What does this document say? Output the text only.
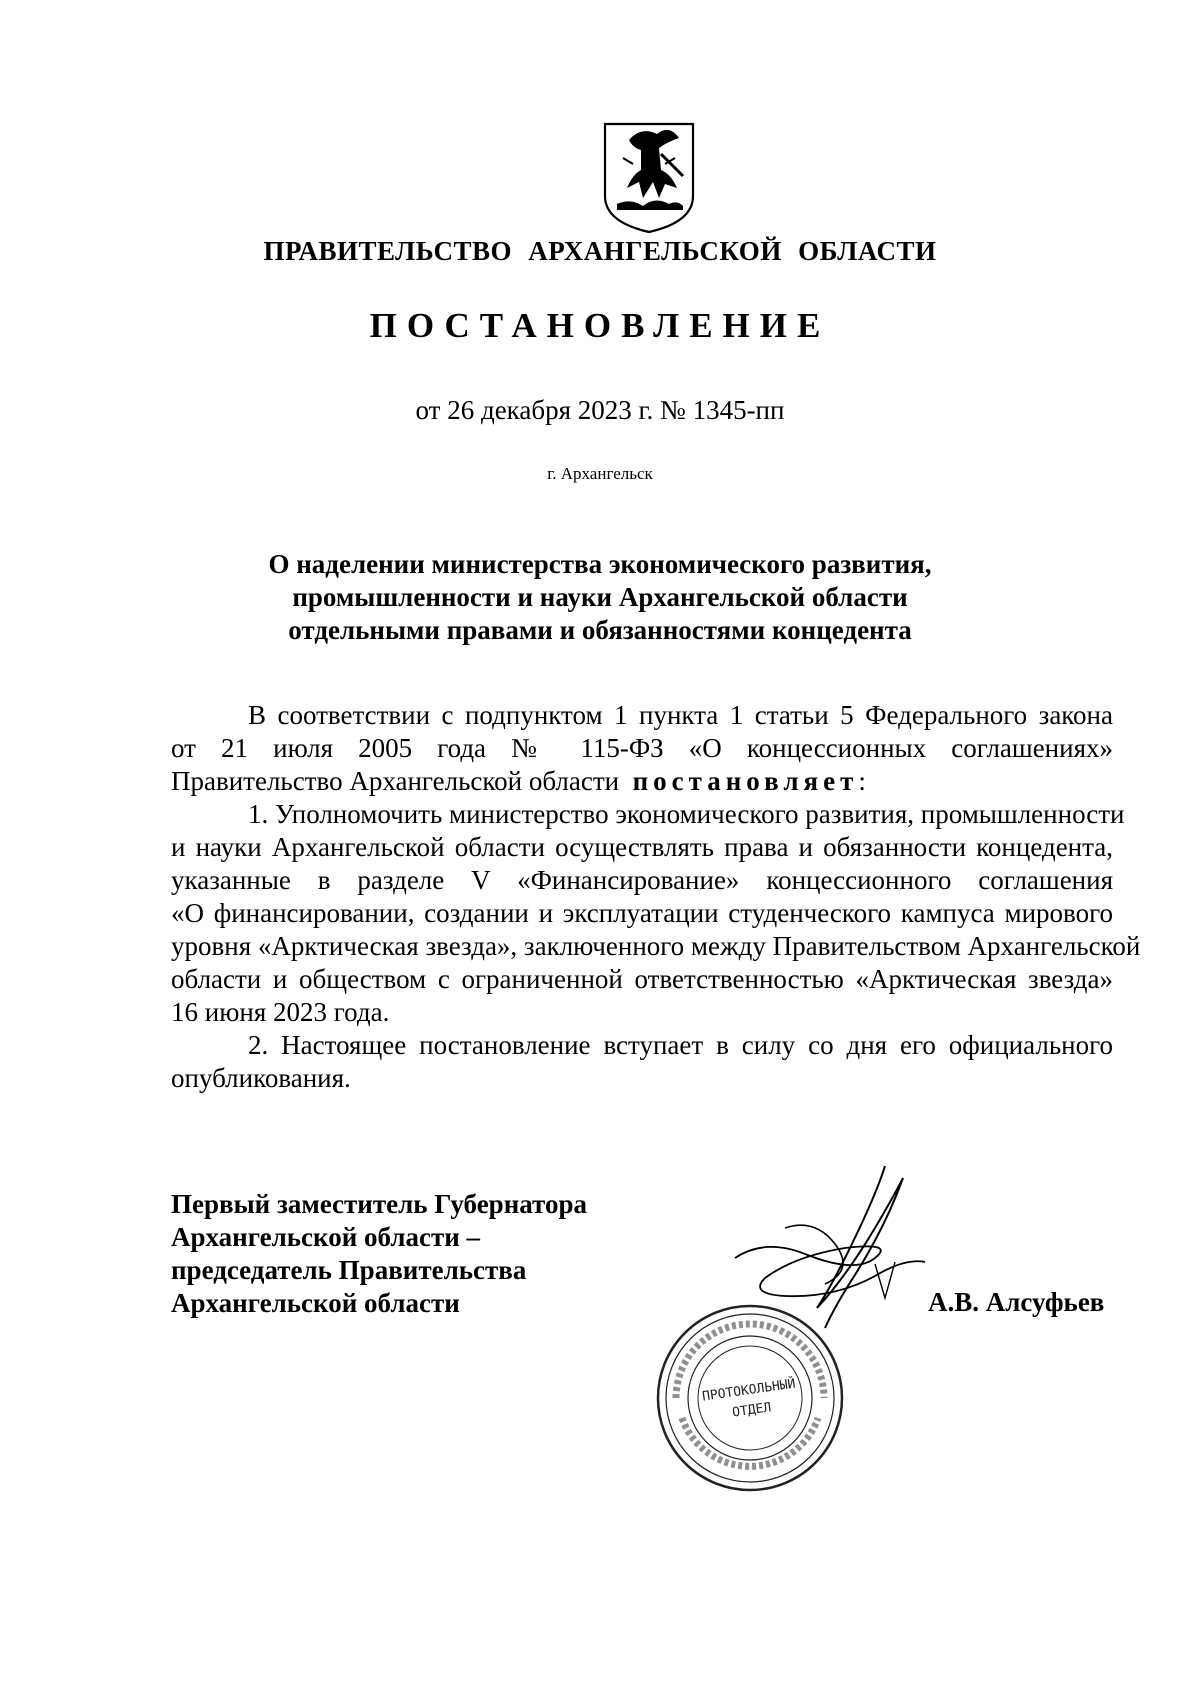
ПРАВИТЕЛЬСТВО АРХАНГЕЛЬСКОЙ ОБЛАСТИ
ПОСТАНОВЛЕНИЕ
от 26 декабря 2023 г. № 1345-пп
г. Архангельск
О наделении министерства экономического развития,
промышленности и науки Архангельской области
отдельными правами и обязанностями концедента
В соответствии с подпунктом 1 пункта 1 статьи 5 Федерального закона
от 21 июля 2005 года № 115-ФЗ «О концессионных соглашениях»
Правительство Архангельской области постановляет:
1. Уполномочить министерство экономического развития, промышленности
и науки Архангельской области осуществлять права и обязанности концедента,
указанные в разделе V «Финансирование» концессионного соглашения
«О финансировании, создании и эксплуатации студенческого кампуса мирового
уровня «Арктическая звезда», заключенного между Правительством Архангельской
области и обществом с ограниченной ответственностью «Арктическая звезда»
16 июня 2023 года.
2. Настоящее постановление вступает в силу со дня его официального
опубликования.
Первый заместитель Губернатора
Архангельской области –
председатель Правительства
Архангельской области	А.В. Алсуфьев
ПРОТОКОЛЬНЫЙ
ОТДЕЛ
